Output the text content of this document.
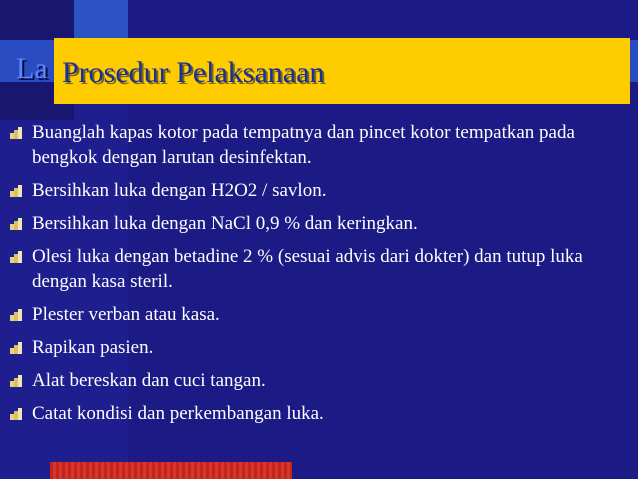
La Prosedur Pelaksanaan
Buanglah kapas kotor pada tempatnya dan pincet kotor tempatkan pada bengkok dengan larutan desinfektan.
Bersihkan luka dengan H2O2 / savlon.
Bersihkan luka dengan NaCl 0,9 % dan keringkan.
Olesi luka dengan betadine 2 % (sesuai advis dari dokter) dan tutup luka dengan kasa steril.
Plester verban atau kasa.
Rapikan pasien.
Alat bereskan dan cuci tangan.
Catat kondisi dan perkembangan luka.
